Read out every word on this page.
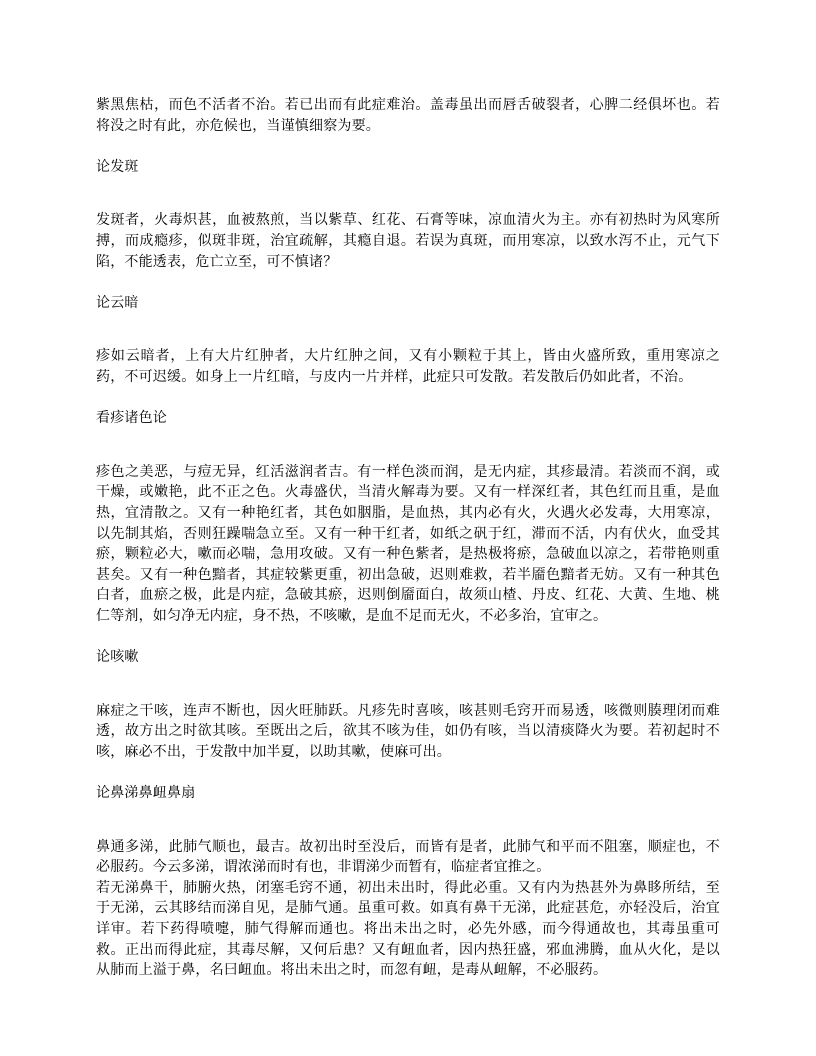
紫黑焦枯，而色不活者不治。若已出而有此症难治。盖毒虽出而唇舌破裂者，心脾二经俱坏也。若将没之时有此，亦危候也，当谨慎细察为要。

论发斑

发斑者，火毒炽甚，血被熬煎，当以紫草、红花、石膏等味，凉血清火为主。亦有初热时为风寒所搏，而成瘾疹，似斑非斑，治宜疏解，其瘾自退。若误为真斑，而用寒凉，以致水泻不止，元气下陷，不能透表，危亡立至，可不慎诸？

论云暗

疹如云暗者，上有大片红肿者，大片红肿之间，又有小颗粒于其上，皆由火盛所致，重用寒凉之药，不可迟缓。如身上一片红暗，与皮内一片并样，此症只可发散。若发散后仍如此者，不治。

看疹诸色论

疹色之美恶，与痘无异，红活滋润者吉。有一样色淡而润，是无内症，其疹最清。若淡而不润，或干燥，或嫩艳，此不正之色。火毒盛伏，当清火解毒为要。又有一样深红者，其色红而且重，是血热，宜清散之。又有一种艳红者，其色如胭脂，是血热，其内必有火，火遇火必发毒，大用寒凉，以先制其焰，否则狂躁喘急立至。又有一种干红者，如纸之矾于红，滞而不活，内有伏火，血受其瘀，颗粒必大，嗽而必喘，急用攻破。又有一种色紫者，是热极将瘀，急破血以凉之，若带艳则重甚矣。又有一种色黯者，其症较紫更重，初出急破，迟则难救，若半靥色黯者无妨。又有一种其色白者，血瘀之极，此是内症，急破其瘀，迟则倒靥面白，故须山楂、丹皮、红花、大黄、生地、桃仁等剂，如匀净无内症，身不热，不咳嗽，是血不足而无火，不必多治，宜审之。

论咳嗽

麻症之干咳，连声不断也，因火旺肺跃。凡疹先时喜咳，咳甚则毛窍开而易透，咳微则腠理闭而难透，故方出之时欲其咳。至既出之后，欲其不咳为佳，如仍有咳，当以清痰降火为要。若初起时不咳，麻必不出，于发散中加半夏，以助其嗽，使麻可出。

论鼻涕鼻衄鼻扇

鼻通多涕，此肺气顺也，最吉。故初出时至没后，而皆有是者，此肺气和平而不阻塞，顺症也，不必服药。今云多涕，谓浓涕而时有也，非谓涕少而暂有，临症者宜推之。

若无涕鼻干，肺腑火热，闭塞毛窍不通，初出未出时，得此必重。又有内为热甚外为鼻眵所结，至于无涕，云其眵结而涕自见，是肺气通。虽重可救。如真有鼻干无涕，此症甚危，亦轻没后，治宜详审。若下药得喷嚏，肺气得解而通也。将出未出之时，必先外感，而今得通故也，其毒虽重可救。正出而得此症，其毒尽解，又何后患？又有衄血者，因内热狂盛，邪血沸腾，血从火化，是以从肺而上溢于鼻，名曰衄血。将出未出之时，而忽有衄，是毒从衄解，不必服药。
